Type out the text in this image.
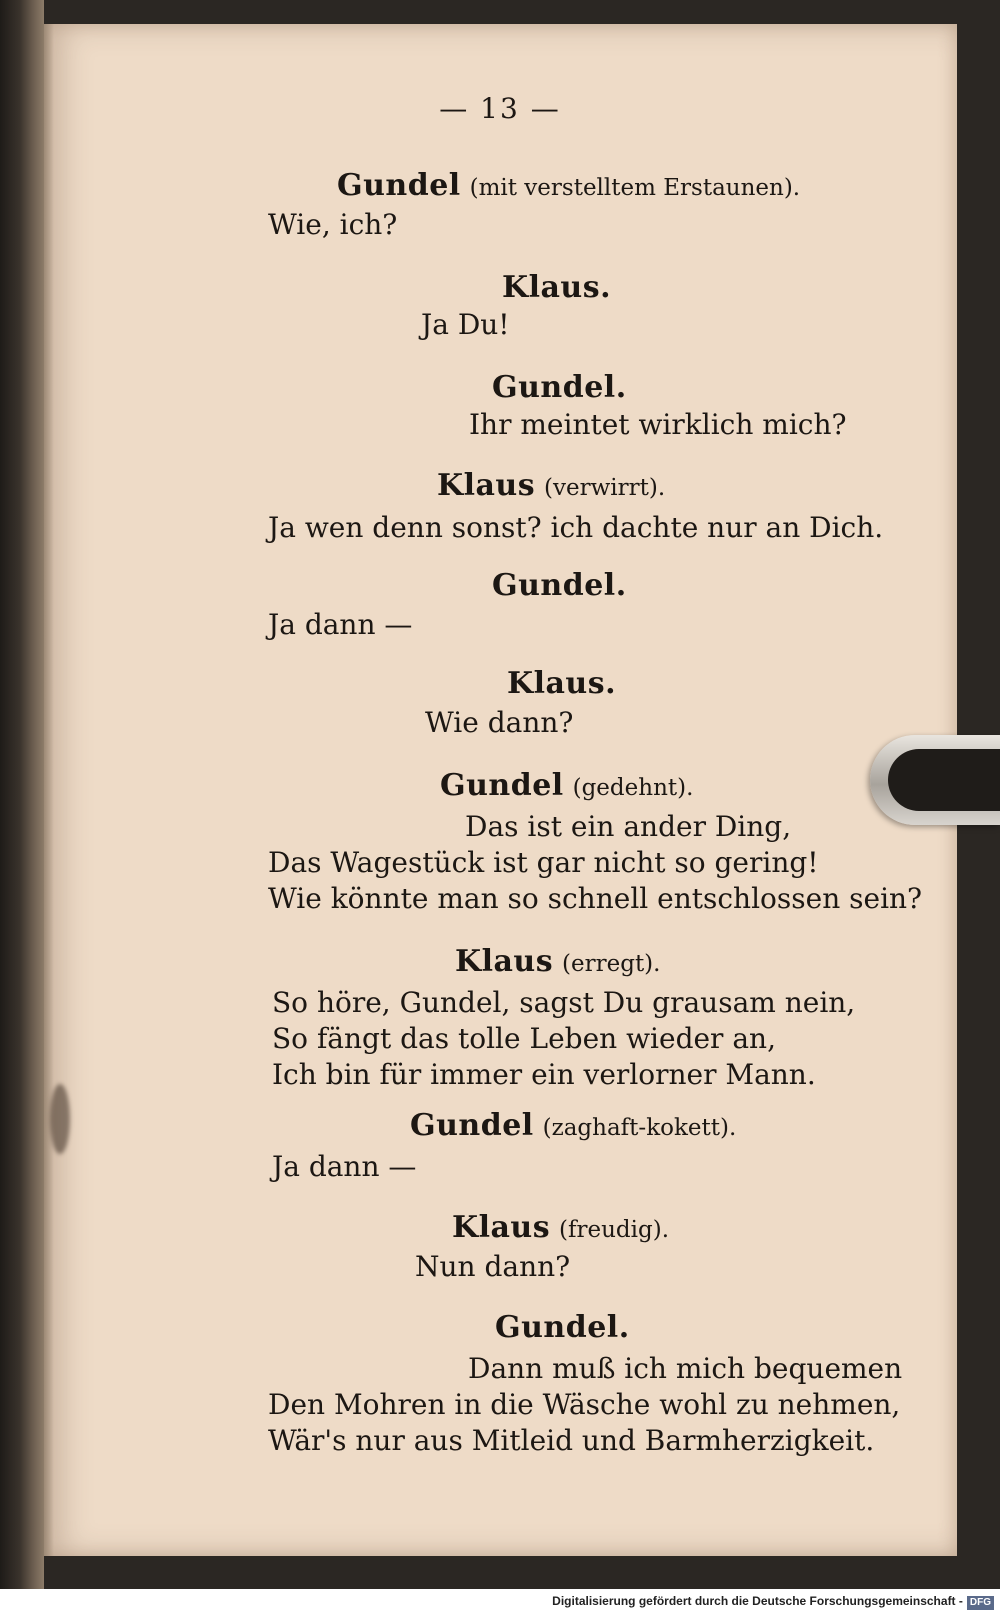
— 13 —
Gundel (mit verstelltem Erstaunen).
Wie, ich?
Klaus.
Ja Du!
Gundel.
Ihr meintet wirklich mich?
Klaus (verwirrt).
Ja wen denn sonst? ich dachte nur an Dich.
Gundel.
Ja dann —
Klaus.
Wie dann?
Gundel (gedehnt).
Das ist ein ander Ding,
Das Wagestück ist gar nicht so gering!
Wie könnte man so schnell entschlossen sein?
Klaus (erregt).
So höre, Gundel, sagst Du grausam nein,
So fängt das tolle Leben wieder an,
Ich bin für immer ein verlorner Mann.
Gundel (zaghaft-kokett).
Ja dann —
Klaus (freudig).
Nun dann?
Gundel.
Dann muß ich mich bequemen
Den Mohren in die Wäsche wohl zu nehmen,
Wär's nur aus Mitleid und Barmherzigkeit.
Digitalisierung gefördert durch die Deutsche Forschungsgemeinschaft - DFG
